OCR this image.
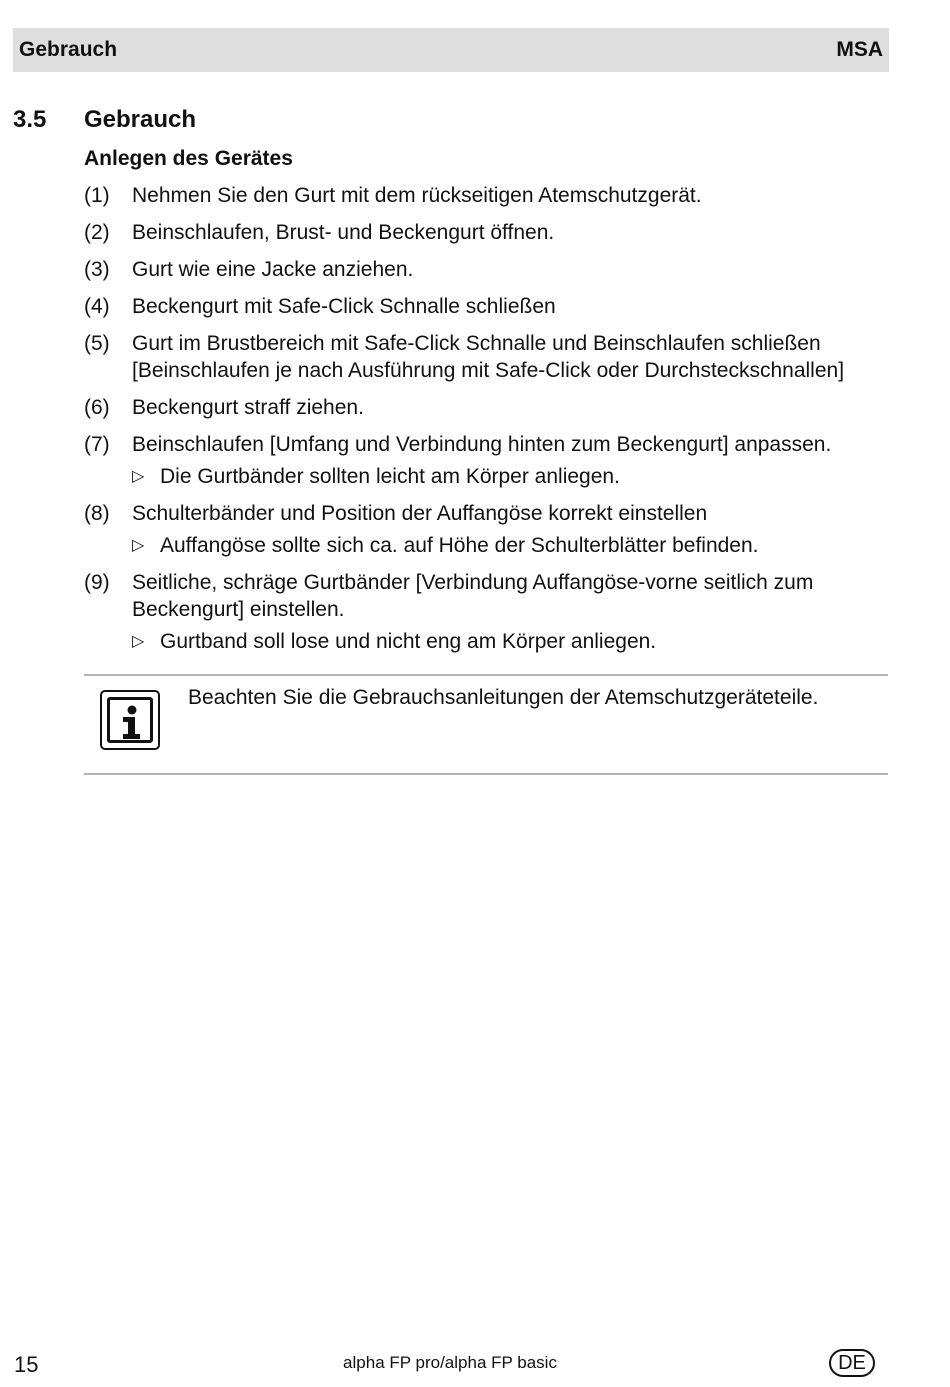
Gebrauch	MSA
3.5 Gebrauch
Anlegen des Gerätes
(1) Nehmen Sie den Gurt mit dem rückseitigen Atemschutzgerät.
(2) Beinschlaufen, Brust- und Beckengurt öffnen.
(3) Gurt wie eine Jacke anziehen.
(4) Beckengurt mit Safe-Click Schnalle schließen
(5) Gurt im Brustbereich mit Safe-Click Schnalle und Beinschlaufen schließen [Beinschlaufen je nach Ausführung mit Safe-Click oder Durchsteckschnallen]
(6) Beckengurt straff ziehen.
(7) Beinschlaufen [Umfang und Verbindung hinten zum Beckengurt] anpassen.
▷ Die Gurtbänder sollten leicht am Körper anliegen.
(8) Schulterbänder und Position der Auffangöse korrekt einstellen
▷ Auffangöse sollte sich ca. auf Höhe der Schulterblätter befinden.
(9) Seitliche, schräge Gurtbänder [Verbindung Auffangöse-vorne seitlich zum Beckengurt] einstellen.
▷ Gurtband soll lose und nicht eng am Körper anliegen.
Beachten Sie die Gebrauchsanleitungen der Atemschutzgeräteteile.
15	alpha FP pro/alpha FP basic	DE
